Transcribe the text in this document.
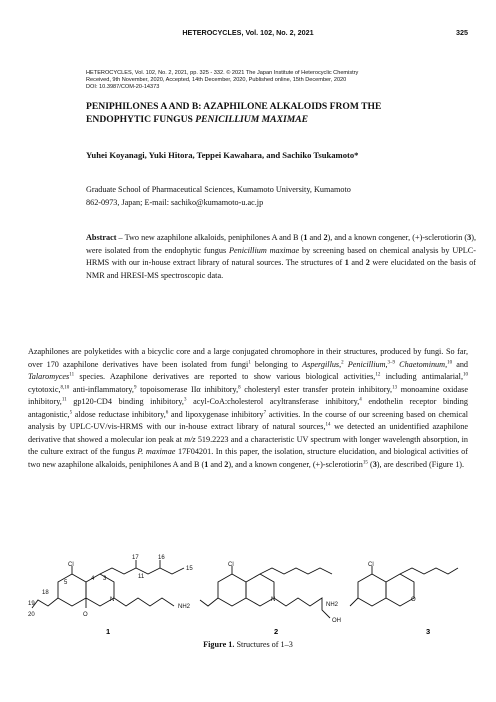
HETEROCYCLES, Vol. 102, No. 2, 2021	325
HETEROCYCLES, Vol. 102, No. 2, 2021, pp. 325 - 332. © 2021 The Japan Institute of Heterocyclic Chemistry
Received, 9th November, 2020, Accepted, 14th December, 2020, Published online, 15th December, 2020
DOI: 10.3987/COM-20-14373
PENIPHILONES A AND B: AZAPHILONE ALKALOIDS FROM THE
ENDOPHYTIC FUNGUS PENICILLIUM MAXIMAE
Yuhei Koyanagi, Yuki Hitora, Teppei Kawahara, and Sachiko Tsukamoto*
Graduate School of Pharmaceutical Sciences, Kumamoto University, Kumamoto
862-0973, Japan; E-mail: sachiko@kumamoto-u.ac.jp
Abstract – Two new azaphilone alkaloids, peniphilones A and B (1 and 2), and a known congener, (+)-sclerotiorin (3), were isolated from the endophytic fungus Penicillium maximae by screening based on chemical analysis by UPLC-HRMS with our in-house extract library of natural sources. The structures of 1 and 2 were elucidated on the basis of NMR and HRESI-MS spectroscopic data.
Azaphilones are polyketides with a bicyclic core and a large conjugated chromophore in their structures, produced by fungi. So far, over 170 azaphilone derivatives have been isolated from fungi$^1$ belonging to Aspergillus,$^2$ Penicillium,$^{3-9}$ Chaetominum,$^{10}$ and Talaromyces$^{11}$ species. Azaphilone derivatives are reported to show various biological activities,$^{12}$ including antimalarial,$^{10}$ cytotoxic,$^{8,10}$ anti-inflammatory,$^9$ topoisomerase IIα inhibitory,$^8$ cholesteryl ester transfer protein inhibitory,$^{13}$ monoamine oxidase inhibitory,$^{11}$ gp120-CD4 binding inhibitory,$^3$ acyl-CoA:cholesterol acyltransferase inhibitory,$^4$ endothelin receptor binding antagonistic,$^5$ aldose reductase inhibitory,$^6$ and lipoxygenase inhibitory$^7$ activities. In the course of our screening based on chemical analysis by UPLC-UV/vis-HRMS with our in-house extract library of natural sources,$^{14}$ we detected an unidentified azaphilone derivative that showed a molecular ion peak at m/z 519.2223 and a characteristic UV spectrum with longer wavelength absorption, in the culture extract of the fungus P. maximae 17F04201. In this paper, the isolation, structure elucidation, and biological activities of two new azaphilone alkaloids, peniphilones A and B (1 and 2), and a known congener, (+)-sclerotiorin$^{15}$ (3), are described (Figure 1).
Cl
17	16
15
4 3
5
11
18
N
19	NH2
20	O
1
Cl
N
NH2
OH
2
Cl
O
3
Figure 1. Structures of 1–3
